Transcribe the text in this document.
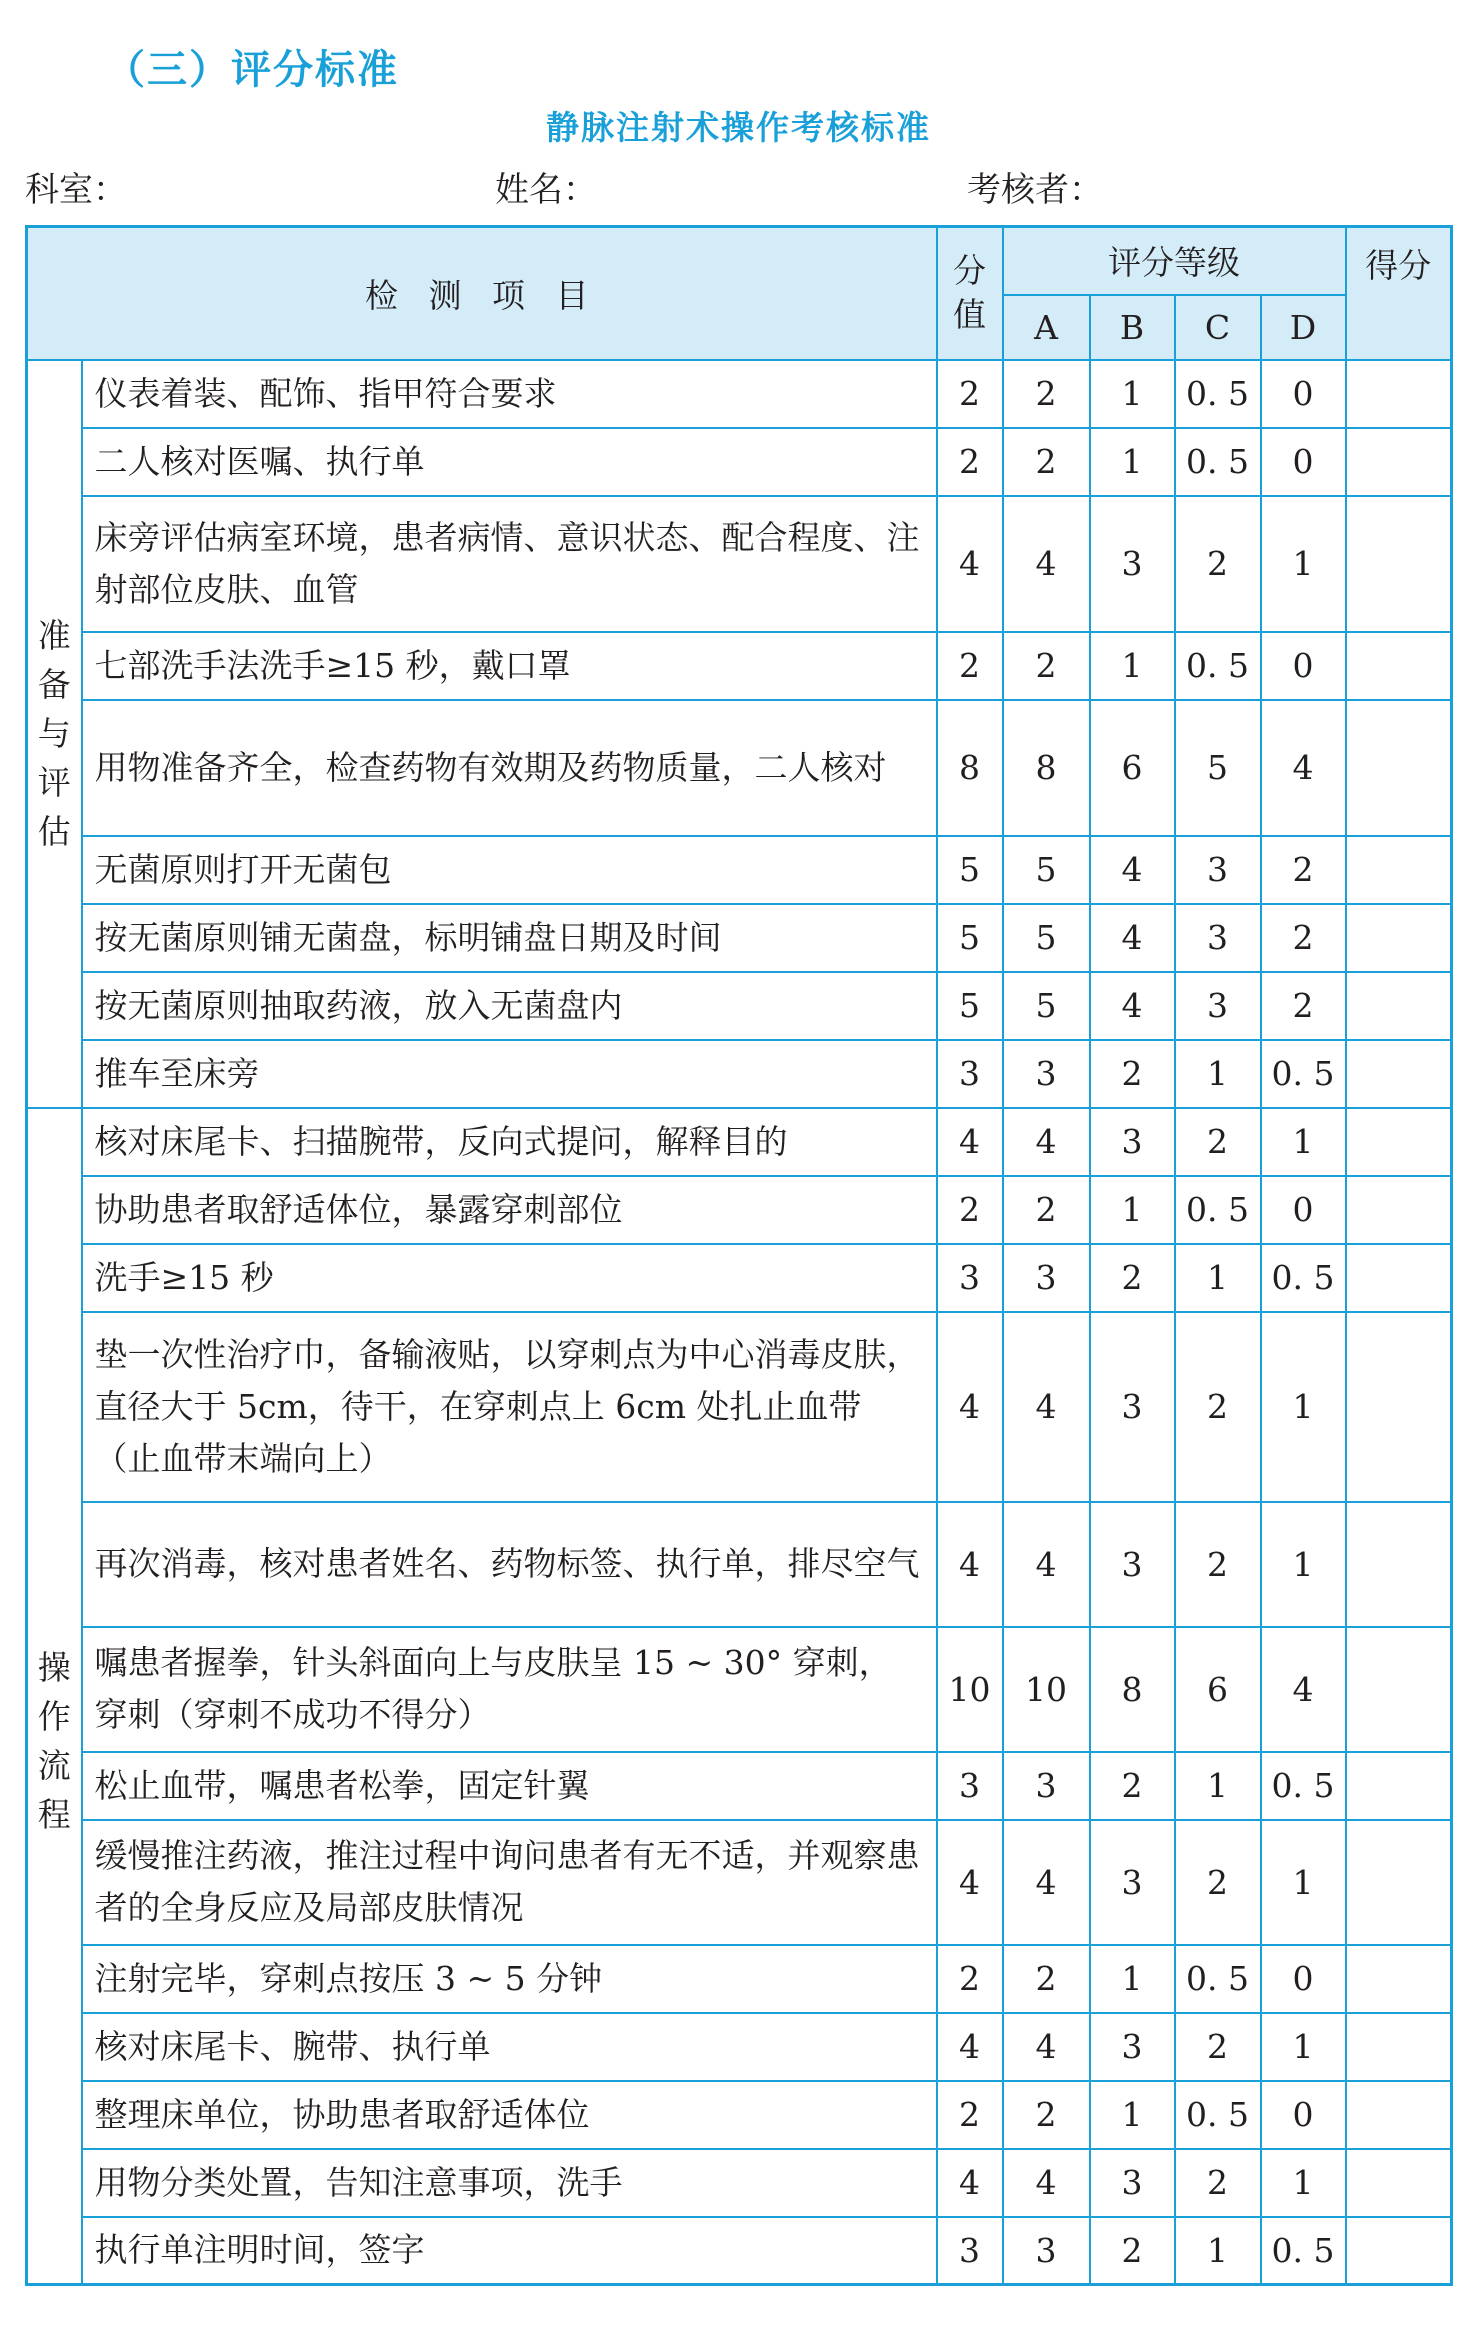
（三）评分标准
静脉注射术操作考核标准
科室：	姓名：	考核者：
检 测 项 目		分值	评分等级				得分
			A	B	C	D	

准备与评估	仪表着装、配饰、指甲符合要求	2	2	1	0. 5	0	
	二人核对医嘱、执行单	2	2	1	0. 5	0	
	床旁评估病室环境，患者病情、意识状态、配合程度、注射部位皮肤、血管	4	4	3	2	1	
	七部洗手法洗手≥15 秒，戴口罩	2	2	1	0. 5	0	
	用物准备齐全，检查药物有效期及药物质量，二人核对	8	8	6	5	4	
	无菌原则打开无菌包	5	5	4	3	2	
	按无菌原则铺无菌盘，标明铺盘日期及时间	5	5	4	3	2	
	按无菌原则抽取药液，放入无菌盘内	5	5	4	3	2	
	推车至床旁	3	3	2	1	0. 5	

操作流程	核对床尾卡、扫描腕带，反向式提问，解释目的	4	4	3	2	1	
	协助患者取舒适体位，暴露穿刺部位	2	2	1	0. 5	0	
	洗手≥15 秒	3	3	2	1	0. 5	
	垫一次性治疗巾，备输液贴，以穿刺点为中心消毒皮肤，直径大于 5cm，待干，在穿刺点上 6cm 处扎止血带（止血带末端向上）	4	4	3	2	1	
	再次消毒，核对患者姓名、药物标签、执行单，排尽空气	4	4	3	2	1	
	嘱患者握拳，针头斜面向上与皮肤呈 15 ~ 30° 穿刺，穿刺（穿刺不成功不得分）	10	10	8	6	4	
	松止血带，嘱患者松拳，固定针翼	3	3	2	1	0. 5	
	缓慢推注药液，推注过程中询问患者有无不适，并观察患者的全身反应及局部皮肤情况	4	4	3	2	1	
	注射完毕，穿刺点按压 3 ~ 5 分钟	2	2	1	0. 5	0	
	核对床尾卡、腕带、执行单	4	4	3	2	1	
	整理床单位，协助患者取舒适体位	2	2	1	0. 5	0	
	用物分类处置，告知注意事项，洗手	4	4	3	2	1	
	执行单注明时间，签字	3	3	2	1	0. 5	
